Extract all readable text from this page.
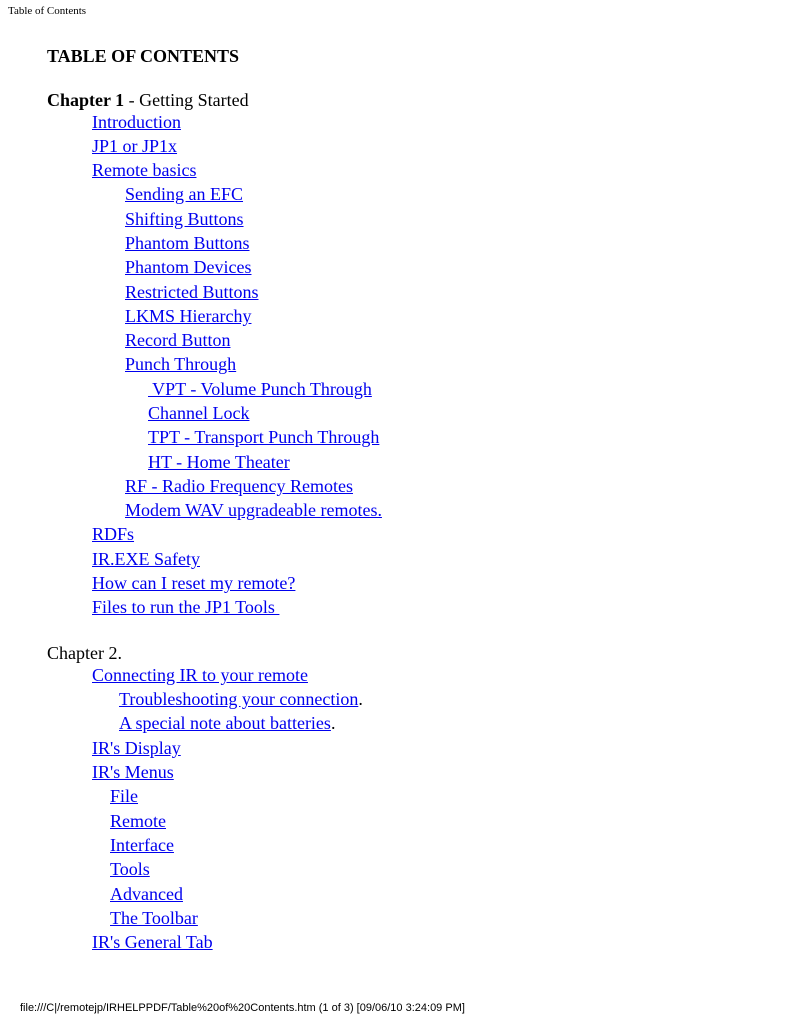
Table of Contents
TABLE OF CONTENTS
Chapter 1 - Getting Started
Introduction
JP1 or JP1x
Remote basics
Sending an EFC
Shifting Buttons
Phantom Buttons
Phantom Devices
Restricted Buttons
LKMS Hierarchy
Record Button
Punch Through
VPT - Volume Punch Through
Channel Lock
TPT - Transport Punch Through
HT - Home Theater
RF - Radio Frequency Remotes
Modem WAV upgradeable remotes.
RDFs
IR.EXE Safety
How can I reset my remote?
Files to run the JP1 Tools
Chapter 2.
Connecting IR to your remote
Troubleshooting your connection.
A special note about batteries.
IR's Display
IR's Menus
File
Remote
Interface
Tools
Advanced
The Toolbar
IR's General Tab
file:///C|/remotejp/IRHELPPDF/Table%20of%20Contents.htm (1 of 3) [09/06/10 3:24:09 PM]
